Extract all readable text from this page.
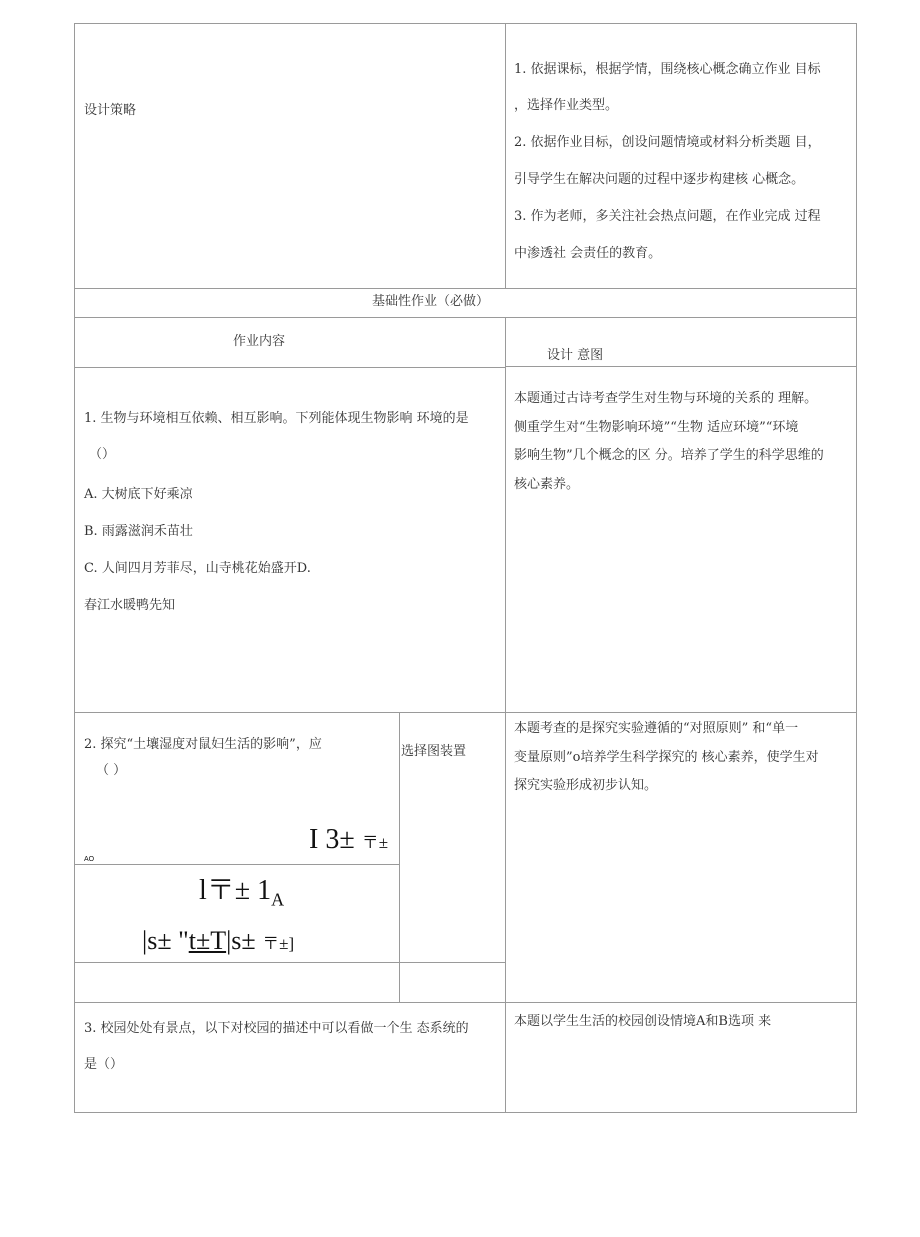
设计策略
1. 依据课标，根据学情，围绕核心概念确立作业 目标
，选择作业类型。
2. 依据作业目标，创设问题情境或材料分析类题 目，
引导学生在解决问题的过程中逐步构建核 心概念。
3. 作为老师，多关注社会热点问题，在作业完成 过程
中渗透社 会责任的教育。
基础性作业（必做）
作业内容
设计 意图
1. 生物与环境相互依赖、相互影响。下列能体现生物影响 环境的是
（）
A. 大树底下好乘凉
B. 雨露滋润禾苗壮
C. 人间四月芳菲尽，山寺桃花始盛开D.
春江水暖鸭先知
本题通过古诗考查学生对生物与环境的关系的 理解。
侧重学生对“生物影响环境”“生物 适应环境”“环境
影响生物”几个概念的区 分。培养了学生的科学思维的
核心素养。
2. 探究“土壤湿度对鼠妇生活的影响”，应
（ ）
选择图装置
AO
I 3± 〒±
l〒± $1_A$
|s± "t±T|s± 〒±]
本题考查的是探究实验遵循的“对照原则” 和“单一
变量原则”o培养学生科学探究的 核心素养，使学生对
探究实验形成初步认知。
3. 校园处处有景点，以下对校园的描述中可以看做一个生 态系统的
是（）
本题以学生生活的校园创设情境A和B选项 来
